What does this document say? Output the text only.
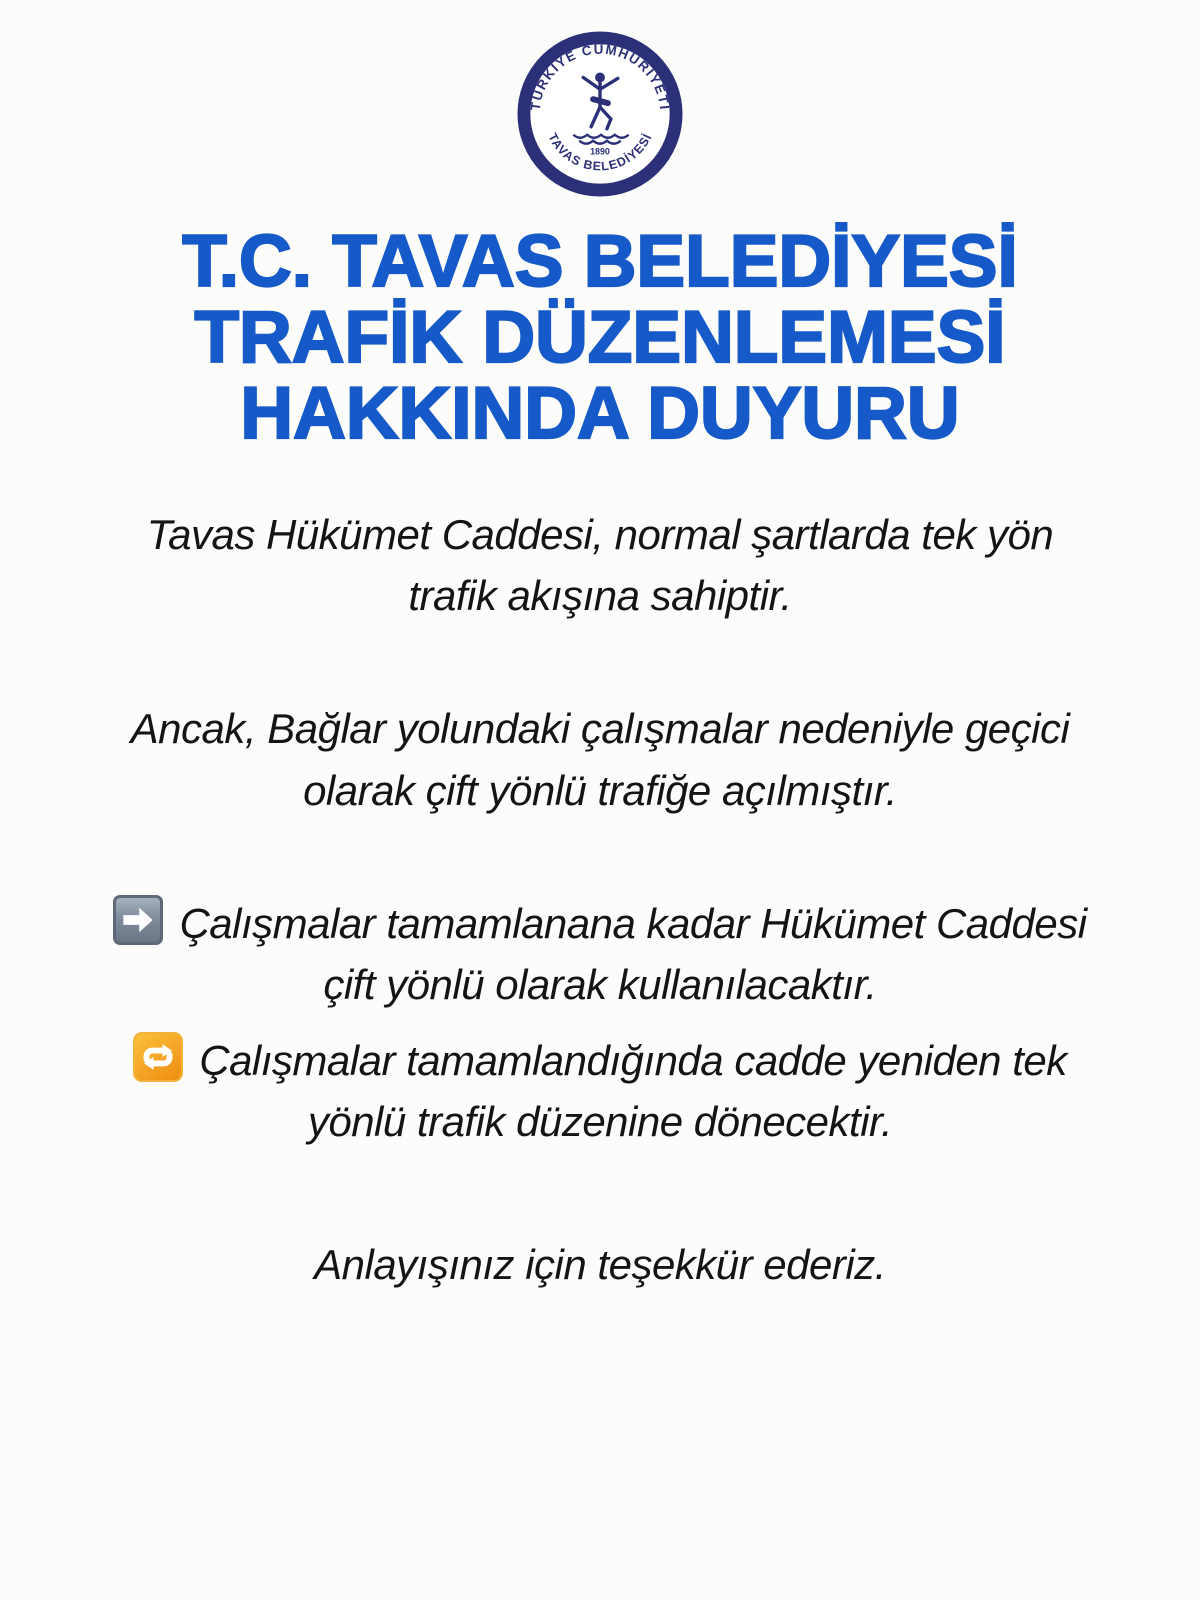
TÜRKİYE CUMHURİYETİ
TAVAS BELEDİYESİ
1890
T.C. TAVAS BELEDİYESİ
TRAFİK DÜZENLEMESİ
HAKKINDA DUYURU

Tavas Hükümet Caddesi, normal şartlarda tek yön trafik akışına sahiptir.

Ancak, Bağlar yolundaki çalışmalar nedeniyle geçici olarak çift yönlü trafiğe açılmıştır.

Çalışmalar tamamlanana kadar Hükümet Caddesi çift yönlü olarak kullanılacaktır.

Çalışmalar tamamlandığında cadde yeniden tek yönlü trafik düzenine dönecektir.

Anlayışınız için teşekkür ederiz.
